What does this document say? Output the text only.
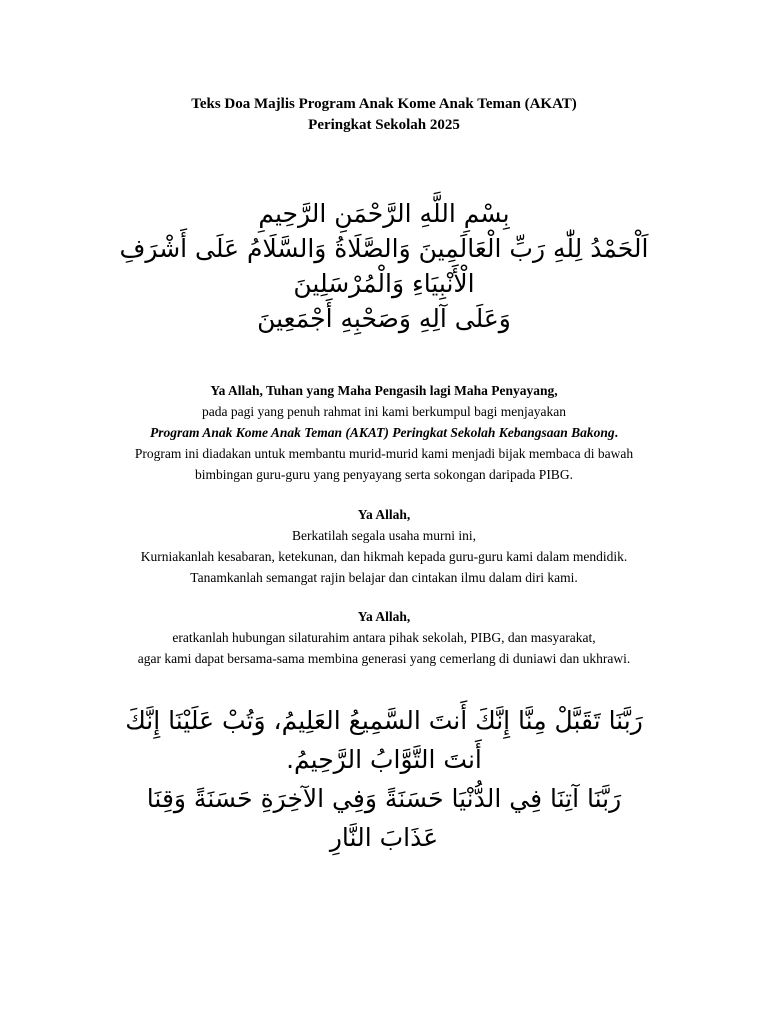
Teks Doa Majlis Program Anak Kome Anak Teman (AKAT)
Peringkat Sekolah 2025
بِسْمِ اللَّهِ الرَّحْمَنِ الرَّحِيمِ
اَلْحَمْدُ لِلّٰهِ رَبِّ الْعَالَمِينَ وَالصَّلَاةُ وَالسَّلَامُ عَلَى أَشْرَفِ
الْأَنْبِيَاءِ وَالْمُرْسَلِينَ
وَعَلَى آلِهِ وَصَحْبِهِ أَجْمَعِينَ
Ya Allah, Tuhan yang Maha Pengasih lagi Maha Penyayang,
pada pagi yang penuh rahmat ini kami berkumpul bagi menjayakan
Program Anak Kome Anak Teman (AKAT) Peringkat Sekolah Kebangsaan Bakong.
Program ini diadakan untuk membantu murid-murid kami menjadi bijak membaca di bawah
bimbingan guru-guru yang penyayang serta sokongan daripada PIBG.
Ya Allah,
Berkatilah segala usaha murni ini,
Kurniakanlah kesabaran, ketekunan, dan hikmah kepada guru-guru kami dalam mendidik.
Tanamkanlah semangat rajin belajar dan cintakan ilmu dalam diri kami.
Ya Allah,
eratkanlah hubungan silaturahim antara pihak sekolah, PIBG, dan masyarakat,
agar kami dapat bersama-sama membina generasi yang cemerlang di duniawi dan ukhrawi.
رَبَّنَا تَقَبَّلْ مِنَّا إِنَّكَ أَنتَ السَّمِيعُ العَلِيمُ، وَتُبْ عَلَيْنَا إِنَّكَ
أَنتَ التَّوَّابُ الرَّحِيمُ.
رَبَّنَا آتِنَا فِي الدُّنْيَا حَسَنَةً وَفِي الآخِرَةِ حَسَنَةً وَقِنَا
عَذَابَ النَّارِ
